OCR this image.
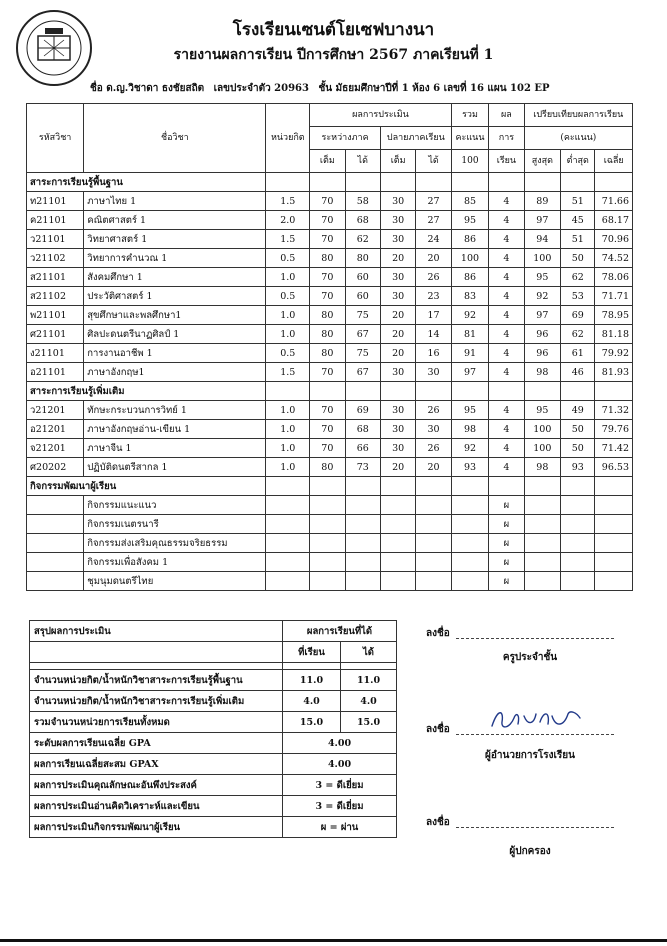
โรงเรียนเซนต์โยเซฟบางนา
รายงานผลการเรียน ปีการศึกษา 2567 ภาคเรียนที่ 1
ชื่อ ด.ญ.วิชาดา ธงชัยสถิต เลขประจำตัว 20963 ชั้น มัธยมศึกษาปีที่ 1 ห้อง 6 เลขที่ 16 แผน 102 EP
รหัสวิชา	ชื่อวิชา	หน่วยกิต	ผลการประเมิน				รวม	ผล	เปรียบเทียบผลการเรียน		
			ระหว่างภาค		ปลายภาคเรียน		คะแนน	การ	(คะแนน)		
			เต็ม	ได้	เต็ม	ได้	100	เรียน	สูงสุด	ต่ำสุด	เฉลี่ย
สาระการเรียนรู้พื้นฐาน											
ท21101	ภาษาไทย 1	1.5	70	58	30	27	85	4	89	51	71.66
ค21101	คณิตศาสตร์ 1	2.0	70	68	30	27	95	4	97	45	68.17
ว21101	วิทยาศาสตร์ 1	1.5	70	62	30	24	86	4	94	51	70.96
ว21102	วิทยาการคำนวณ 1	0.5	80	80	20	20	100	4	100	50	74.52
ส21101	สังคมศึกษา 1	1.0	70	60	30	26	86	4	95	62	78.06
ส21102	ประวัติศาสตร์ 1	0.5	70	60	30	23	83	4	92	53	71.71
พ21101	สุขศึกษาและพลศึกษา1	1.0	80	75	20	17	92	4	97	69	78.95
ศ21101	ศิลปะดนตรีนาฏศิลป์ 1	1.0	80	67	20	14	81	4	96	62	81.18
ง21101	การงานอาชีพ 1	0.5	80	75	20	16	91	4	96	61	79.92
อ21101	ภาษาอังกฤษ1	1.5	70	67	30	30	97	4	98	46	81.93
สาระการเรียนรู้เพิ่มเติม											
ว21201	ทักษะกระบวนการวิทย์ 1	1.0	70	69	30	26	95	4	95	49	71.32
อ21201	ภาษาอังกฤษอ่าน-เขียน 1	1.0	70	68	30	30	98	4	100	50	79.76
จ21201	ภาษาจีน 1	1.0	70	66	30	26	92	4	100	50	71.42
ศ20202	ปฏิบัติดนตรีสากล 1	1.0	80	73	20	20	93	4	98	93	96.53
กิจกรรมพัฒนาผู้เรียน											
	กิจกรรมแนะแนว							ผ			
	กิจกรรมเนตรนารี							ผ			
	กิจกรรมส่งเสริมคุณธรรมจริยธรรม							ผ			
	กิจกรรมเพื่อสังคม 1							ผ			
	ชุมนุมดนตรีไทย							ผ			
สรุปผลการประเมิน	ผลการเรียนที่ได้	
	ที่เรียน	ได้

จำนวนหน่วยกิต/น้ำหนักวิชาสาระการเรียนรู้พื้นฐาน	11.0	11.0
จำนวนหน่วยกิต/น้ำหนักวิชาสาระการเรียนรู้เพิ่มเติม	4.0	4.0
รวมจำนวนหน่วยการเรียนทั้งหมด	15.0	15.0
ระดับผลการเรียนเฉลี่ย GPA	4.00	
ผลการเรียนเฉลี่ยสะสม GPAX	4.00	
ผลการประเมินคุณลักษณะอันพึงประสงค์	3 = ดีเยี่ยม	
ผลการประเมินอ่านคิดวิเคราะห์และเขียน	3 = ดีเยี่ยม	
ผลการประเมินกิจกรรมพัฒนาผู้เรียน	ผ = ผ่าน	
ลงชื่อ
ครูประจำชั้น
ลงชื่อ
ผู้อำนวยการโรงเรียน
ลงชื่อ
ผู้ปกครอง
